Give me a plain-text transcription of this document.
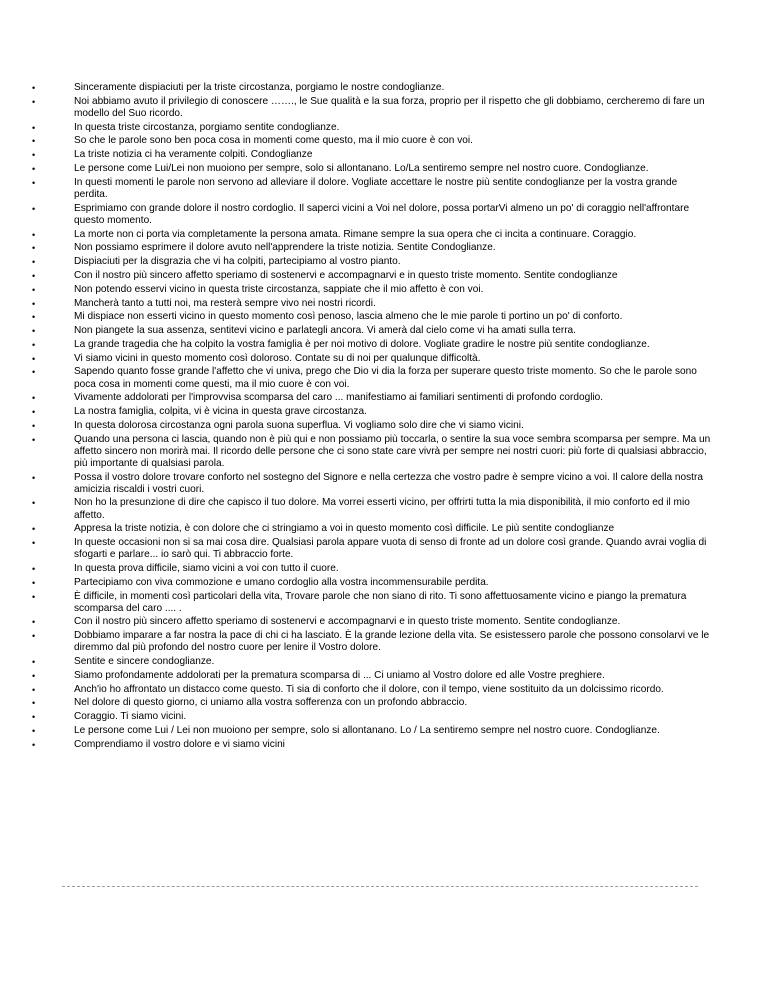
•	Sinceramente dispiaciuti per la triste circostanza, porgiamo le nostre condoglianze.
•	Noi abbiamo avuto il privilegio di conoscere ……., le Sue qualità e la sua forza, proprio per il rispetto che gli dobbiamo, cercheremo di fare un modello del Suo ricordo.
•	In questa triste circostanza, porgiamo sentite condoglianze.
•	So che le parole sono ben poca cosa in momenti come questo, ma il mio cuore è con voi.
•	La triste notizia ci ha veramente colpiti. Condoglianze
•	Le persone come Lui/Lei non muoiono per sempre, solo si allontanano. Lo/La sentiremo sempre nel nostro cuore. Condoglianze.
•	In questi momenti le parole non servono ad alleviare il dolore. Vogliate accettare le nostre più sentite condoglianze per la vostra grande perdita.
•	Esprimiamo con grande dolore il nostro cordoglio. Il saperci vicini a Voi nel dolore, possa portarVi almeno un po' di coraggio nell'affrontare questo momento.
•	La morte non ci porta via completamente la persona amata. Rimane sempre la sua opera che ci incita a continuare. Coraggio.
•	Non possiamo esprimere il dolore avuto nell'apprendere la triste notizia. Sentite Condoglianze.
•	Dispiaciuti per la disgrazia che vi ha colpiti, partecipiamo al vostro pianto.
•	Con il nostro più sincero affetto speriamo di sostenervi e accompagnarvi e in questo triste momento. Sentite condoglianze
•	Non potendo esservi vicino in questa triste circostanza, sappiate che il mio affetto è con voi.
•	Mancherà tanto a tutti noi, ma resterà sempre vivo nei nostri ricordi.
•	Mi dispiace non esserti vicino in questo momento così penoso, lascia almeno che le mie parole ti portino un po' di conforto.
•	Non piangete la sua assenza, sentitevi vicino e parlategli ancora. Vi amerà dal cielo come vi ha amati sulla terra.
•	La grande tragedia che ha colpito la vostra famiglia è per noi motivo di dolore. Vogliate gradire le nostre più sentite condoglianze.
•	Vi siamo vicini in questo momento così doloroso. Contate su di noi per qualunque difficoltà.
•	Sapendo quanto fosse grande l'affetto che vi univa, prego che Dio vi dia la forza per superare questo triste momento. So che le parole sono poca cosa in momenti come questi, ma il mio cuore è con voi.
•	Vivamente addolorati per l'improvvisa scomparsa del caro ... manifestiamo ai familiari sentimenti di profondo cordoglio.
•	La nostra famiglia, colpita, vi è vicina in questa grave circostanza.
•	In questa dolorosa circostanza ogni parola suona superflua. Vi vogliamo solo dire che vi siamo vicini.
•	Quando una persona ci lascia, quando non è più qui e non possiamo più toccarla, o sentire la sua voce sembra scomparsa per sempre. Ma un affetto sincero non morirà mai. Il ricordo delle persone che ci sono state care vivrà per sempre nei nostri cuori: più forte di qualsiasi abbraccio, più importante di qualsiasi parola.
•	Possa il vostro dolore trovare conforto nel sostegno del Signore e nella certezza che vostro padre è sempre vicino a voi. Il calore della nostra amicizia riscaldi i vostri cuori.
•	Non ho la presunzione di dire che capisco il tuo dolore. Ma vorrei esserti vicino, per offrirti tutta la mia disponibilità, il mio conforto ed il mio affetto.
•	Appresa la triste notizia, è con dolore che ci stringiamo a voi in questo momento così difficile. Le più sentite condoglianze
•	In queste occasioni non si sa mai cosa dire. Qualsiasi parola appare vuota di senso di fronte ad un dolore così grande. Quando avrai voglia di sfogarti e parlare... io sarò qui. Ti abbraccio forte.
•	In questa prova difficile, siamo vicini a voi con tutto il cuore.
•	Partecipiamo con viva commozione e umano cordoglio alla vostra incommensurabile perdita.
•	È difficile, in momenti così particolari della vita, Trovare parole che non siano di rito. Ti sono affettuosamente vicino e piango la prematura scomparsa del caro .... .
•	Con il nostro più sincero affetto speriamo di sostenervi e accompagnarvi e in questo triste momento. Sentite condoglianze.
•	Dobbiamo imparare a far nostra la pace di chi ci ha lasciato. È la grande lezione della vita. Se esistessero parole che possono consolarvi ve le diremmo dal più profondo del nostro cuore per lenire il Vostro dolore.
•	Sentite e sincere condoglianze.
•	Siamo profondamente addolorati per la prematura scomparsa di ... Ci uniamo al Vostro dolore ed alle Vostre preghiere.
•	Anch'io ho affrontato un distacco come questo. Ti sia di conforto che il dolore, con il tempo, viene sostituito da un dolcissimo ricordo.
•	Nel dolore di questo giorno, ci uniamo alla vostra sofferenza con un profondo abbraccio.
•	Coraggio. Ti siamo vicini.
•	Le persone come Lui / Lei non muoiono per sempre, solo si allontanano. Lo / La sentiremo sempre nel nostro cuore. Condoglianze.
•	Comprendiamo il vostro dolore e vi siamo vicini
